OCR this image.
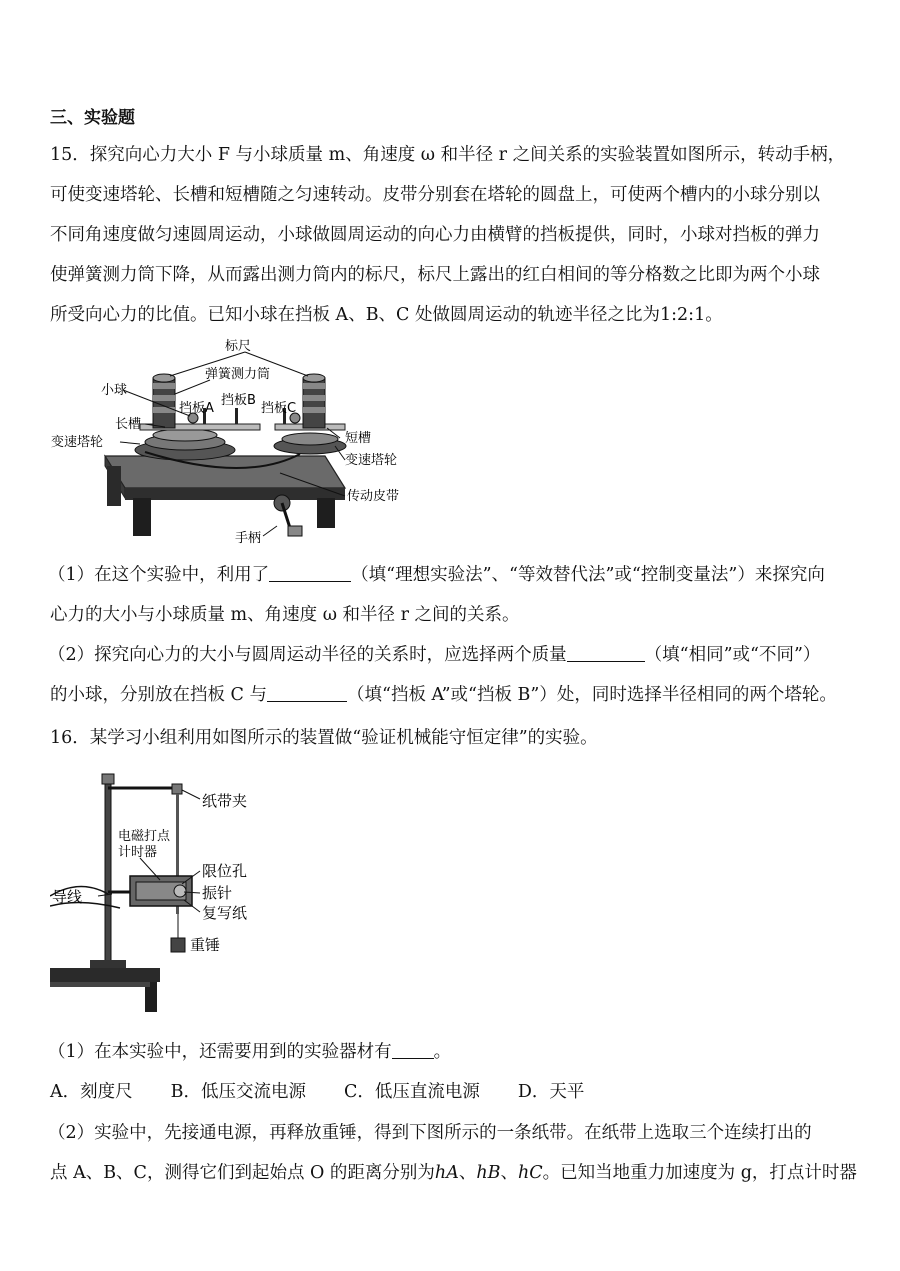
三、实验题
15．探究向心力大小 F 与小球质量 m、角速度 ω 和半径 r 之间关系的实验装置如图所示，转动手柄，
可使变速塔轮、长槽和短槽随之匀速转动。皮带分别套在塔轮的圆盘上，可使两个槽内的小球分别以
不同角速度做匀速圆周运动，小球做圆周运动的向心力由横臂的挡板提供，同时，小球对挡板的弹力
使弹簧测力筒下降，从而露出测力筒内的标尺，标尺上露出的红白相间的等分格数之比即为两个小球
所受向心力的比值。已知小球在挡板 A、B、C 处做圆周运动的轨迹半径之比为1:2:1。
标尺
弹簧测力筒
小球
挡板A
挡板B
挡板C
长槽
变速塔轮	短槽
变速塔轮
传动皮带
手柄
（1）在这个实验中，利用了	（填“理想实验法”、“等效替代法”或“控制变量法”）来探究向
心力的大小与小球质量 m、角速度 ω 和半径 r 之间的关系。
（2）探究向心力的大小与圆周运动半径的关系时，应选择两个质量	（填“相同”或“不同”）
的小球，分别放在挡板 C 与	（填“挡板 A”或“挡板 B”）处，同时选择半径相同的两个塔轮。
16．某学习小组利用如图所示的装置做“验证机械能守恒定律”的实验。
纸带夹
电磁打点
计时器
限位孔
振针
复写纸
导线
重锤
（1）在本实验中，还需要用到的实验器材有 。
A．刻度尺 B．低压交流电源 C．低压直流电源 D．天平
（2）实验中，先接通电源，再释放重锤，得到下图所示的一条纸带。在纸带上选取三个连续打出的
点 A、B、C，测得它们到起始点 O 的距离分别为hA、hB、hC。已知当地重力加速度为 g，打点计时器
